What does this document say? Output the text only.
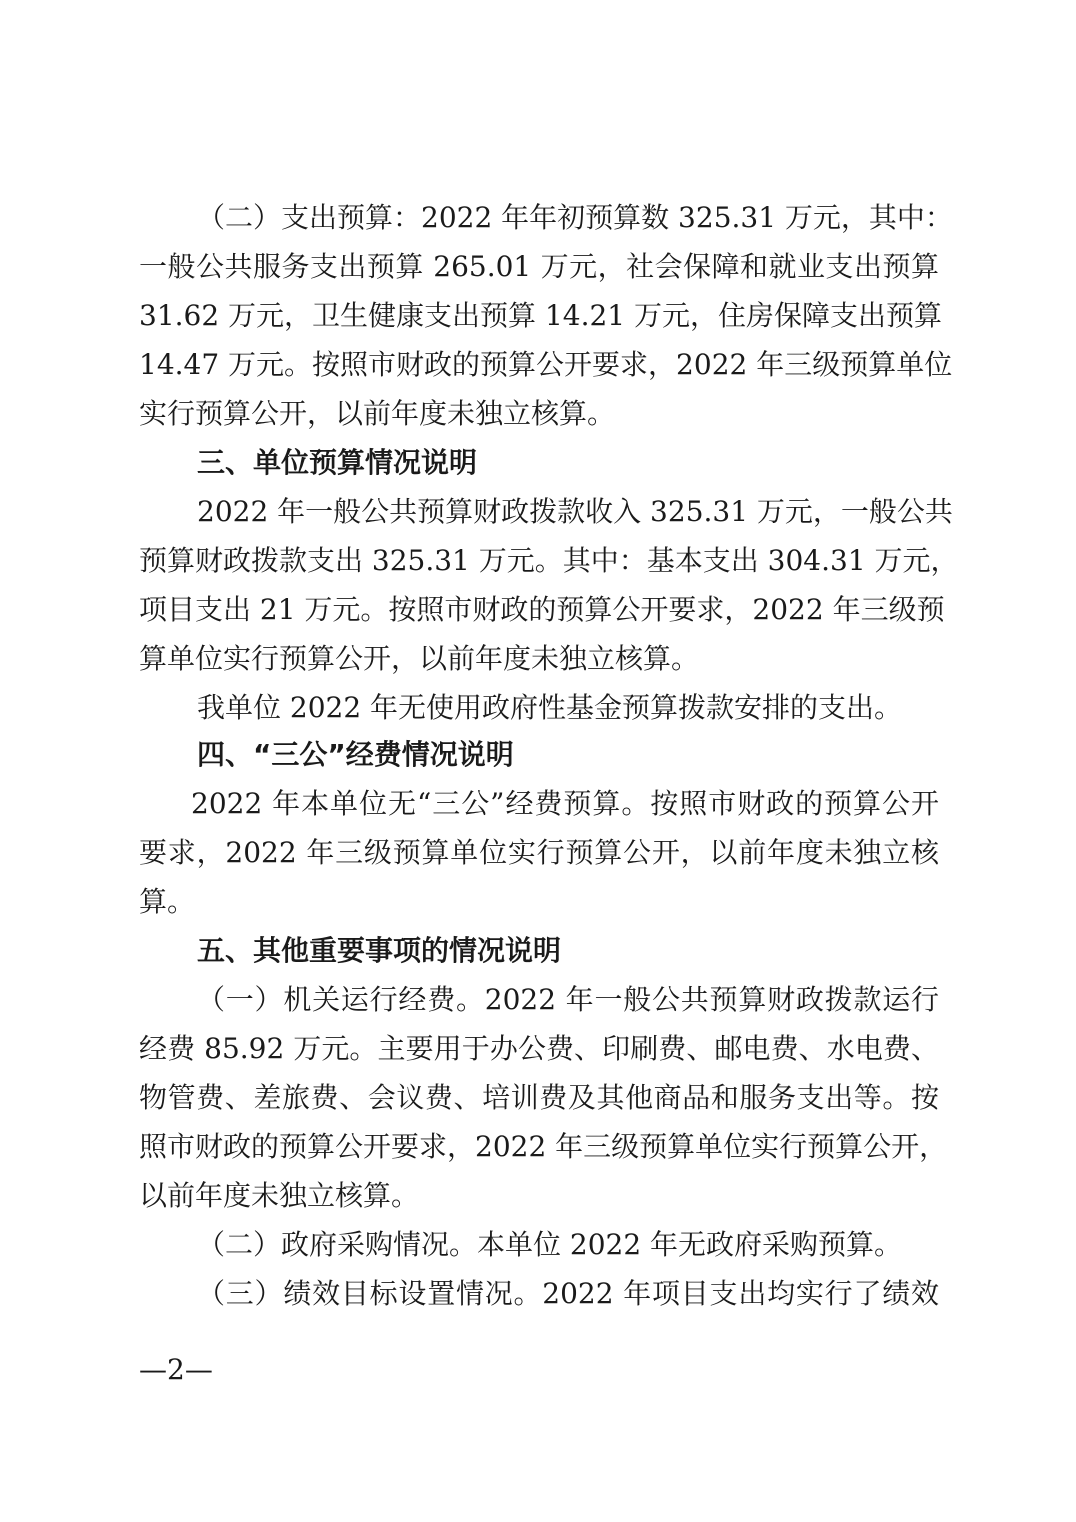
（二）支出预算：2022 年年初预算数 325.31 万元，其中：
一般公共服务支出预算 265.01 万元，社会保障和就业支出预算
31.62 万元，卫生健康支出预算 14.21 万元，住房保障支出预算
14.47 万元。按照市财政的预算公开要求，2022 年三级预算单位
实行预算公开，以前年度未独立核算。
三、单位预算情况说明
2022 年一般公共预算财政拨款收入 325.31 万元，一般公共
预算财政拨款支出 325.31 万元。其中：基本支出 304.31 万元，
项目支出 21 万元。按照市财政的预算公开要求，2022 年三级预
算单位实行预算公开，以前年度未独立核算。
我单位 2022 年无使用政府性基金预算拨款安排的支出。
四、“三公”经费情况说明
2022 年本单位无“三公”经费预算。按照市财政的预算公开
要求，2022 年三级预算单位实行预算公开，以前年度未独立核
算。
五、其他重要事项的情况说明
（一）机关运行经费。2022 年一般公共预算财政拨款运行
经费 85.92 万元。主要用于办公费、印刷费、邮电费、水电费、
物管费、差旅费、会议费、培训费及其他商品和服务支出等。按
照市财政的预算公开要求，2022 年三级预算单位实行预算公开，
以前年度未独立核算。
（二）政府采购情况。本单位 2022 年无政府采购预算。
（三）绩效目标设置情况。2022 年项目支出均实行了绩效
—2—
